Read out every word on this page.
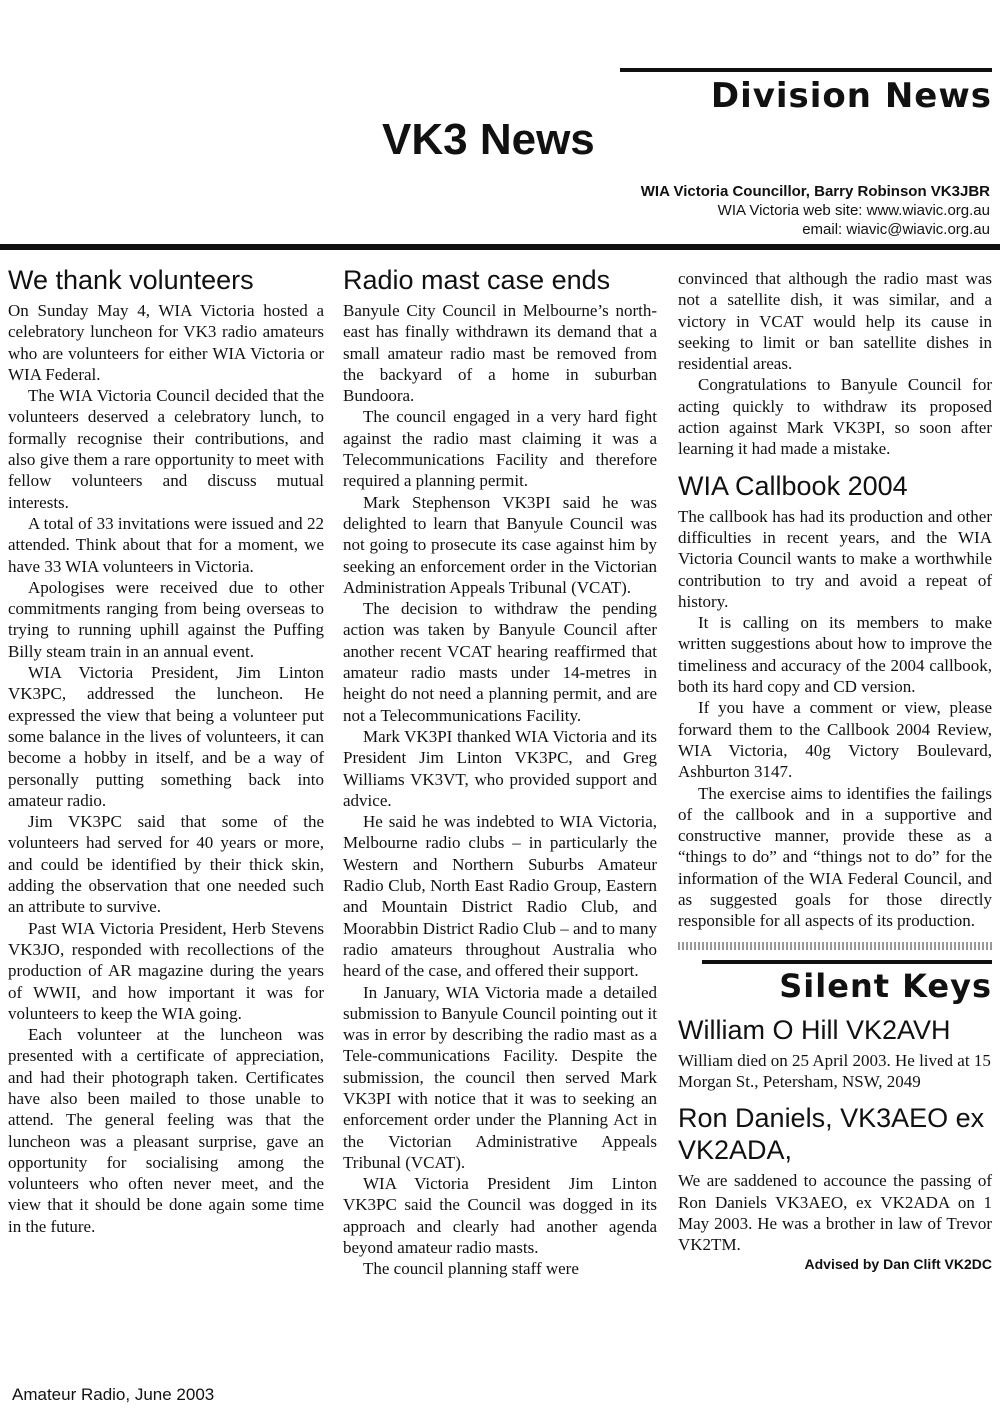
Division News
VK3 News
WIA Victoria Councillor, Barry Robinson VK3JBR
WIA Victoria web site: www.wiavic.org.au
email: wiavic@wiavic.org.au
We thank volunteers

On Sunday May 4, WIA Victoria hosted a celebratory luncheon for VK3 radio amateurs who are volunteers for either WIA Victoria or WIA Federal.

The WIA Victoria Council decided that the volunteers deserved a celebratory lunch, to formally recognise their contributions, and also give them a rare opportunity to meet with fellow volunteers and discuss mutual interests.

A total of 33 invitations were issued and 22 attended. Think about that for a moment, we have 33 WIA volunteers in Victoria.

Apologises were received due to other commitments ranging from being overseas to trying to running uphill against the Puffing Billy steam train in an annual event.

WIA Victoria President, Jim Linton VK3PC, addressed the luncheon. He expressed the view that being a volunteer put some balance in the lives of volunteers, it can become a hobby in itself, and be a way of personally putting something back into amateur radio.

Jim VK3PC said that some of the volunteers had served for 40 years or more, and could be identified by their thick skin, adding the observation that one needed such an attribute to survive.

Past WIA Victoria President, Herb Stevens VK3JO, responded with recollections of the production of AR magazine during the years of WWII, and how important it was for volunteers to keep the WIA going.

Each volunteer at the luncheon was presented with a certificate of appreciation, and had their photograph taken. Certificates have also been mailed to those unable to attend. The general feeling was that the luncheon was a pleasant surprise, gave an opportunity for socialising among the volunteers who often never meet, and the view that it should be done again some time in the future.

Radio mast case ends

Banyule City Council in Melbourne’s north-east has finally withdrawn its demand that a small amateur radio mast be removed from the backyard of a home in suburban Bundoora.

The council engaged in a very hard fight against the radio mast claiming it was a Telecommunications Facility and therefore required a planning permit.

Mark Stephenson VK3PI said he was delighted to learn that Banyule Council was not going to prosecute its case against him by seeking an enforcement order in the Victorian Administration Appeals Tribunal (VCAT).

The decision to withdraw the pending action was taken by Banyule Council after another recent VCAT hearing reaffirmed that amateur radio masts under 14-metres in height do not need a planning permit, and are not a Telecommunications Facility.

Mark VK3PI thanked WIA Victoria and its President Jim Linton VK3PC, and Greg Williams VK3VT, who provided support and advice.

He said he was indebted to WIA Victoria, Melbourne radio clubs – in particularly the Western and Northern Suburbs Amateur Radio Club, North East Radio Group, Eastern and Mountain District Radio Club, and Moorabbin District Radio Club – and to many radio amateurs throughout Australia who heard of the case, and offered their support.

In January, WIA Victoria made a detailed submission to Banyule Council pointing out it was in error by describing the radio mast as a Tele-communications Facility. Despite the submission, the council then served Mark VK3PI with notice that it was to seeking an enforcement order under the Planning Act in the Victorian Administrative Appeals Tribunal (VCAT).

WIA Victoria President Jim Linton VK3PC said the Council was dogged in its approach and clearly had another agenda beyond amateur radio masts.

The council planning staff were

convinced that although the radio mast was not a satellite dish, it was similar, and a victory in VCAT would help its cause in seeking to limit or ban satellite dishes in residential areas.

Congratulations to Banyule Council for acting quickly to withdraw its proposed action against Mark VK3PI, so soon after learning it had made a mistake.

WIA Callbook 2004

The callbook has had its production and other difficulties in recent years, and the WIA Victoria Council wants to make a worthwhile contribution to try and avoid a repeat of history.

It is calling on its members to make written suggestions about how to improve the timeliness and accuracy of the 2004 callbook, both its hard copy and CD version.

If you have a comment or view, please forward them to the Callbook 2004 Review, WIA Victoria, 40g Victory Boulevard, Ashburton 3147.

The exercise aims to identifies the failings of the callbook and in a supportive and constructive manner, provide these as a “things to do” and “things not to do” for the information of the WIA Federal Council, and as suggested goals for those directly responsible for all aspects of its production.

Silent Keys
William O Hill VK2AVH

William died on 25 April 2003. He lived at 15 Morgan St., Petersham, NSW, 2049

Ron Daniels, VK3AEO ex VK2ADA,

We are saddened to accounce the passing of Ron Daniels VK3AEO, ex VK2ADA on 1 May 2003. He was a brother in law of Trevor VK2TM.

Advised by Dan Clift VK2DC
Amateur Radio, June 2003
